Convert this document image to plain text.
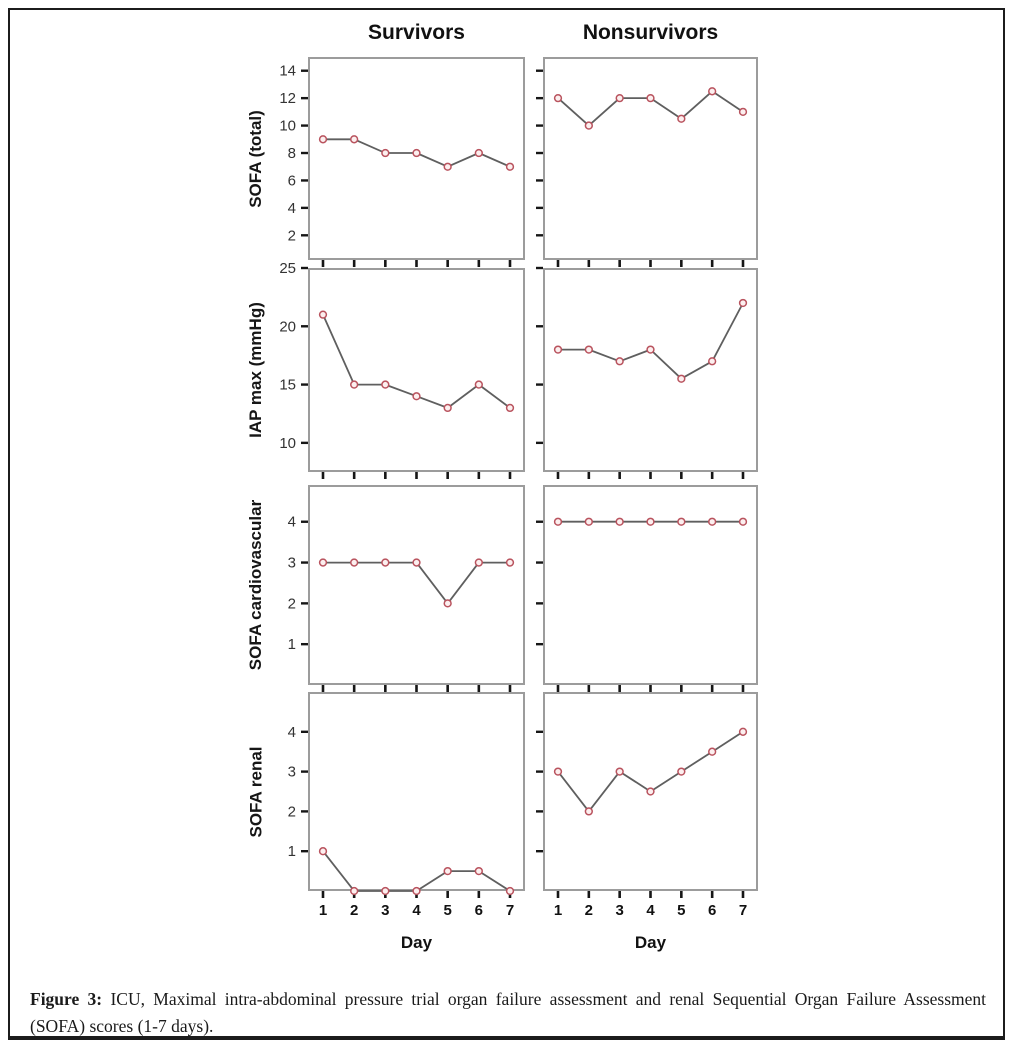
Survivors	Nonsurvivors
SOFA (total)
IAP max (mmHg)
SOFA cardiovascular
SOFA renal
2
4
6
8
10
12
14
10
15
20
25
1
2
3
4
1
2
3
4
1 2 3 4 5 6 7	1 2 3 4 5 6 7
Day	Day
Figure 3: ICU, Maximal intra-abdominal pressure trial organ failure assessment and renal Sequential Organ Failure Assessment (SOFA) scores (1-7 days).
